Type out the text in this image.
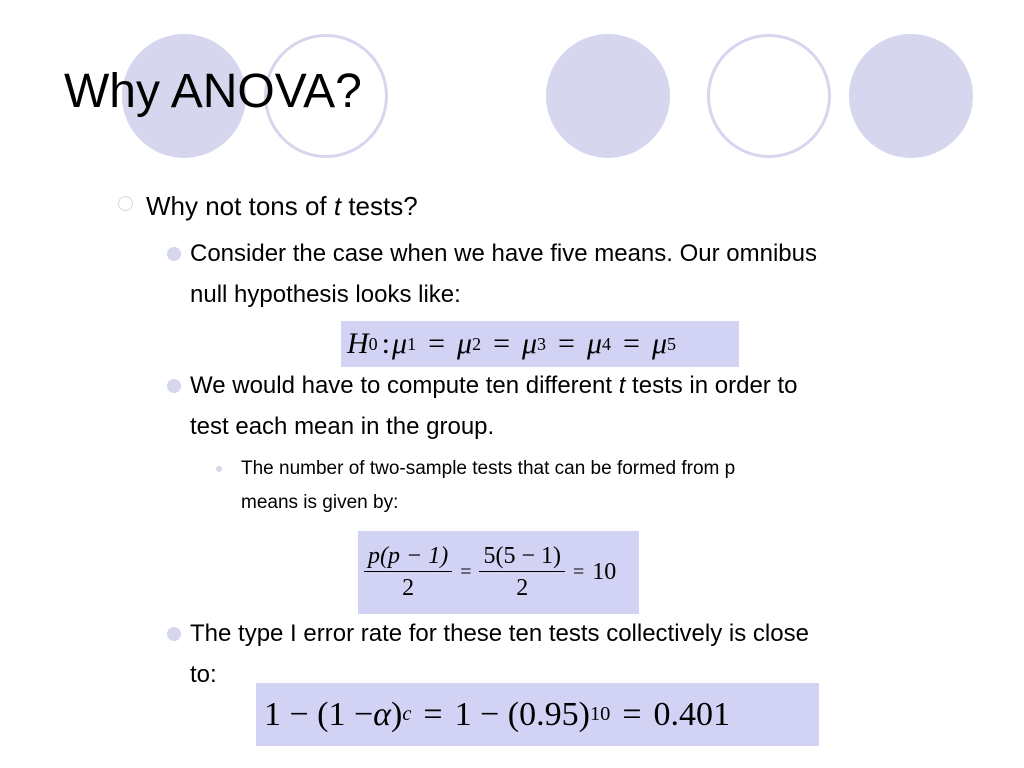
Why ANOVA?
Why not tons of t tests?
Consider the case when we have five means. Our omnibus
null hypothesis looks like:
H 0 : μ 1 = μ 2 = μ 3 = μ 4 = μ 5
We would have to compute ten different t tests in order to
test each mean in the group.
The number of two-sample tests that can be formed from p
means is given by:
$\frac{p(p - 1)}{2} = \frac{5(5 - 1)}{2} = 10$
The type I error rate for these ten tests collectively is close
to:
1 − (1 − α ) c = 1 − (0.95) 10 = 0.401
